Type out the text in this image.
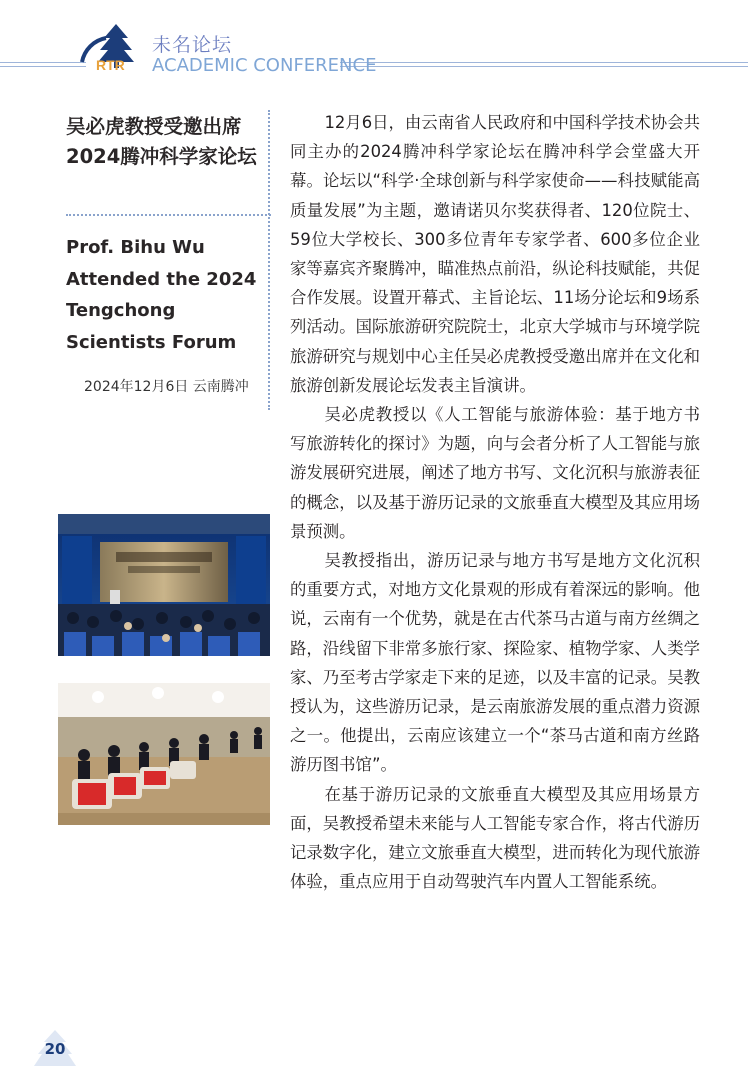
RTR
未名论坛
ACADEMIC CONFERENCE
吴必虎教授受邀出席2024腾冲科学家论坛
Prof. Bihu Wu Attended the 2024 Tengchong Scientists Forum
2024年12月6日 云南腾冲

12月6日，由云南省人民政府和中国科学技术协会共同主办的2024腾冲科学家论坛在腾冲科学会堂盛大开幕。论坛以“科学·全球创新与科学家使命——科技赋能高质量发展”为主题，邀请诺贝尔奖获得者、120位院士、59位大学校长、300多位青年专家学者、600多位企业家等嘉宾齐聚腾冲，瞄准热点前沿，纵论科技赋能，共促合作发展。设置开幕式、主旨论坛、11场分论坛和9场系列活动。国际旅游研究院院士，北京大学城市与环境学院旅游研究与规划中心主任吴必虎教授受邀出席并在文化和旅游创新发展论坛发表主旨演讲。

吴必虎教授以《人工智能与旅游体验：基于地方书写旅游转化的探讨》为题，向与会者分析了人工智能与旅游发展研究进展，阐述了地方书写、文化沉积与旅游表征的概念，以及基于游历记录的文旅垂直大模型及其应用场景预测。

吴教授指出，游历记录与地方书写是地方文化沉积的重要方式，对地方文化景观的形成有着深远的影响。他说，云南有一个优势，就是在古代茶马古道与南方丝绸之路，沿线留下非常多旅行家、探险家、植物学家、人类学家、乃至考古学家走下来的足迹，以及丰富的记录。吴教授认为，这些游历记录，是云南旅游发展的重点潜力资源之一。他提出，云南应该建立一个“茶马古道和南方丝路游历图书馆”。

在基于游历记录的文旅垂直大模型及其应用场景方面，吴教授希望未来能与人工智能专家合作，将古代游历记录数字化，建立文旅垂直大模型，进而转化为现代旅游体验，重点应用于自动驾驶汽车内置人工智能系统。

20
